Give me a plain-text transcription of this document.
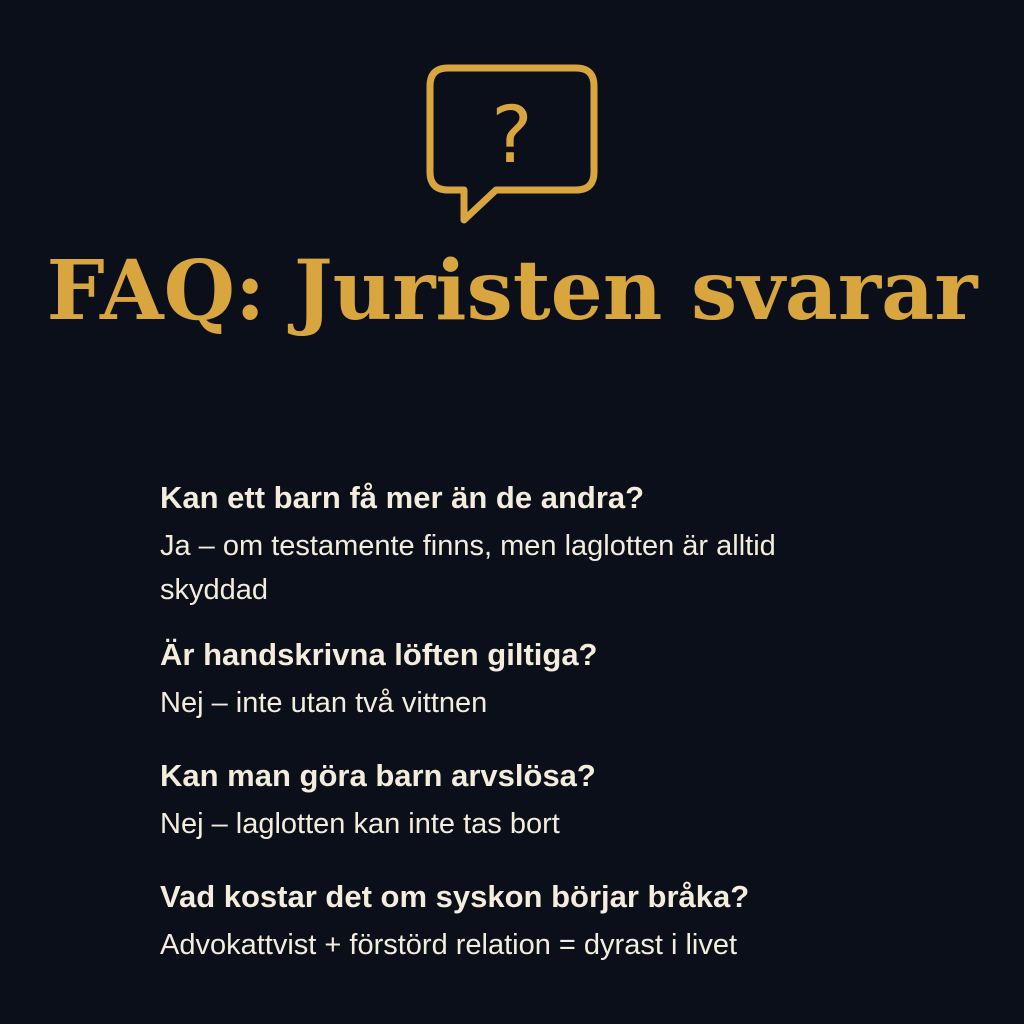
?
FAQ: Juristen svarar

Kan ett barn få mer än de andra?

Ja – om testamente finns, men laglotten är alltid skyddad

Är handskrivna löften giltiga?

Nej – inte utan två vittnen

Kan man göra barn arvslösa?

Nej – laglotten kan inte tas bort

Vad kostar det om syskon börjar bråka?

Advokattvist + förstörd relation = dyrast i livet
